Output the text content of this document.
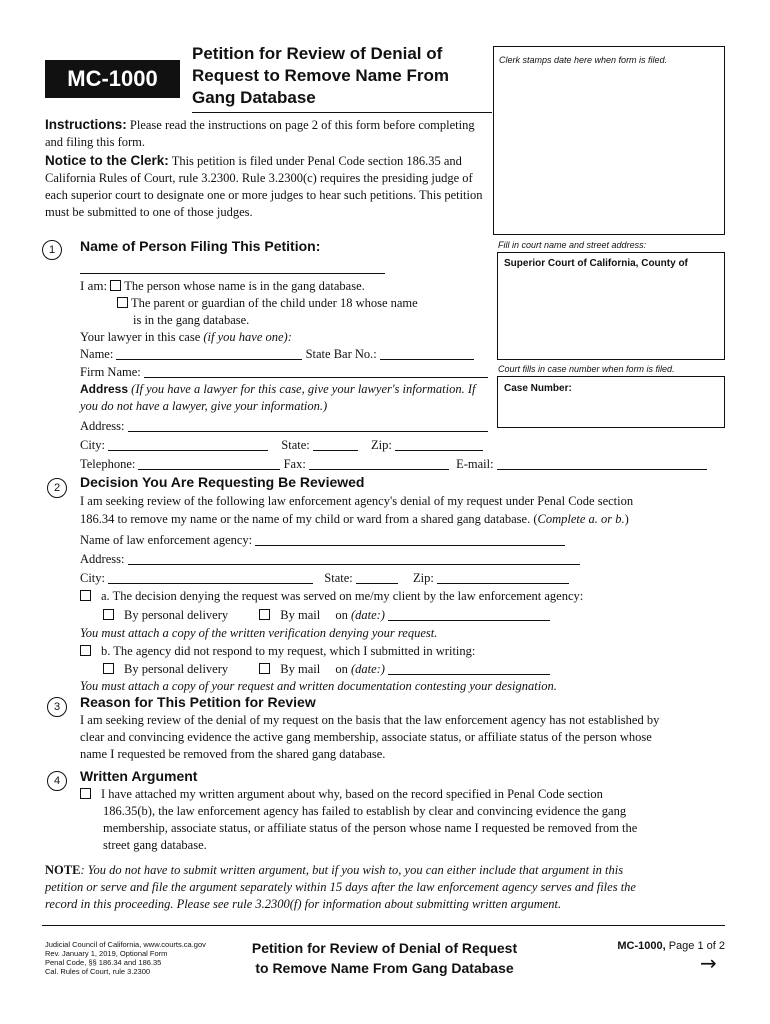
MC-1000
Petition for Review of Denial of Request to Remove Name From Gang Database
Clerk stamps date here when form is filed.
Instructions: Please read the instructions on page 2 of this form before completing and filing this form.
Notice to the Clerk: This petition is filed under Penal Code section 186.35 and California Rules of Court, rule 3.2300. Rule 3.2300(c) requires the presiding judge of each superior court to designate one or more judges to hear such petitions. This petition must be submitted to one of those judges.
Fill in court name and street address:
Superior Court of California, County of
Court fills in case number when form is filed.
Case Number:
1	Name of Person Filing This Petition:
I am: The person whose name is in the gang database.
The parent or guardian of the child under 18 whose name
is in the gang database.
Your lawyer in this case (if you have one):
Name:	State Bar No.:
Firm Name:
Address (If you have a lawyer for this case, give your lawyer's information. If you do not have a lawyer, give your information.)
Address:
City:	State:	Zip:
Telephone:	Fax:	E-mail:
2	Decision You Are Requesting Be Reviewed
I am seeking review of the following law enforcement agency's denial of my request under Penal Code section
186.34 to remove my name or the name of my child or ward from a shared gang database. (Complete a. or b.)
Name of law enforcement agency:
Address:
City:	State:	Zip:
a. The decision denying the request was served on me/my client by the law enforcement agency:
By personal delivery	By mail on (date:)
You must attach a copy of the written verification denying your request.
b. The agency did not respond to my request, which I submitted in writing:
By personal delivery	By mail on (date:)
You must attach a copy of your request and written documentation contesting your designation.
3	Reason for This Petition for Review
I am seeking review of the denial of my request on the basis that the law enforcement agency has not established by
clear and convincing evidence the active gang membership, associate status, or affiliate status of the person whose
name I requested be removed from the shared gang database.
4	Written Argument
I have attached my written argument about why, based on the record specified in Penal Code section
186.35(b), the law enforcement agency has failed to establish by clear and convincing evidence the gang
membership, associate status, or affiliate status of the person whose name I requested be removed from the
street gang database.
NOTE: You do not have to submit written argument, but if you wish to, you can either include that argument in this
petition or serve and file the argument separately within 15 days after the law enforcement agency serves and files the
record in this proceeding. Please see rule 3.2300(f) for information about submitting written argument.
Judicial Council of California, www.courts.ca.gov
Rev. January 1, 2019, Optional Form
Penal Code, §§ 186.34 and 186.35
Cal. Rules of Court, rule 3.2300
Petition for Review of Denial of Request
to Remove Name From Gang Database
MC-1000, Page 1 of 2
→
